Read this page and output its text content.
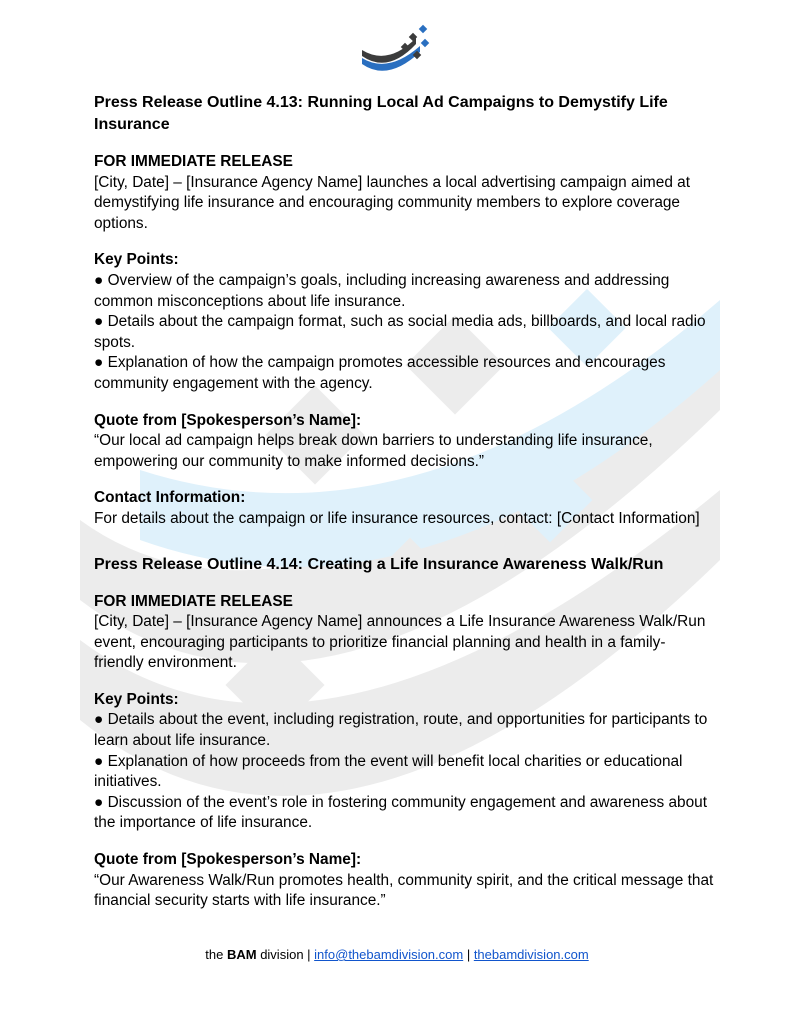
Press Release Outline 4.13: Running Local Ad Campaigns to Demystify Life Insurance

FOR IMMEDIATE RELEASE

[City, Date] – [Insurance Agency Name] launches a local advertising campaign aimed at demystifying life insurance and encouraging community members to explore coverage options.

Key Points:

● Overview of the campaign’s goals, including increasing awareness and addressing common misconceptions about life insurance.

● Details about the campaign format, such as social media ads, billboards, and local radio spots.

● Explanation of how the campaign promotes accessible resources and encourages community engagement with the agency.

Quote from [Spokesperson’s Name]:

“Our local ad campaign helps break down barriers to understanding life insurance, empowering our community to make informed decisions.”

Contact Information:

For details about the campaign or life insurance resources, contact: [Contact Information]

Press Release Outline 4.14: Creating a Life Insurance Awareness Walk/Run

FOR IMMEDIATE RELEASE

[City, Date] – [Insurance Agency Name] announces a Life Insurance Awareness Walk/Run event, encouraging participants to prioritize financial planning and health in a family-friendly environment.

Key Points:

● Details about the event, including registration, route, and opportunities for participants to learn about life insurance.

● Explanation of how proceeds from the event will benefit local charities or educational initiatives.

● Discussion of the event’s role in fostering community engagement and awareness about the importance of life insurance.

Quote from [Spokesperson’s Name]:

“Our Awareness Walk/Run promotes health, community spirit, and the critical message that financial security starts with life insurance.”

the BAM division | info@thebamdivision.com | thebamdivision.com
